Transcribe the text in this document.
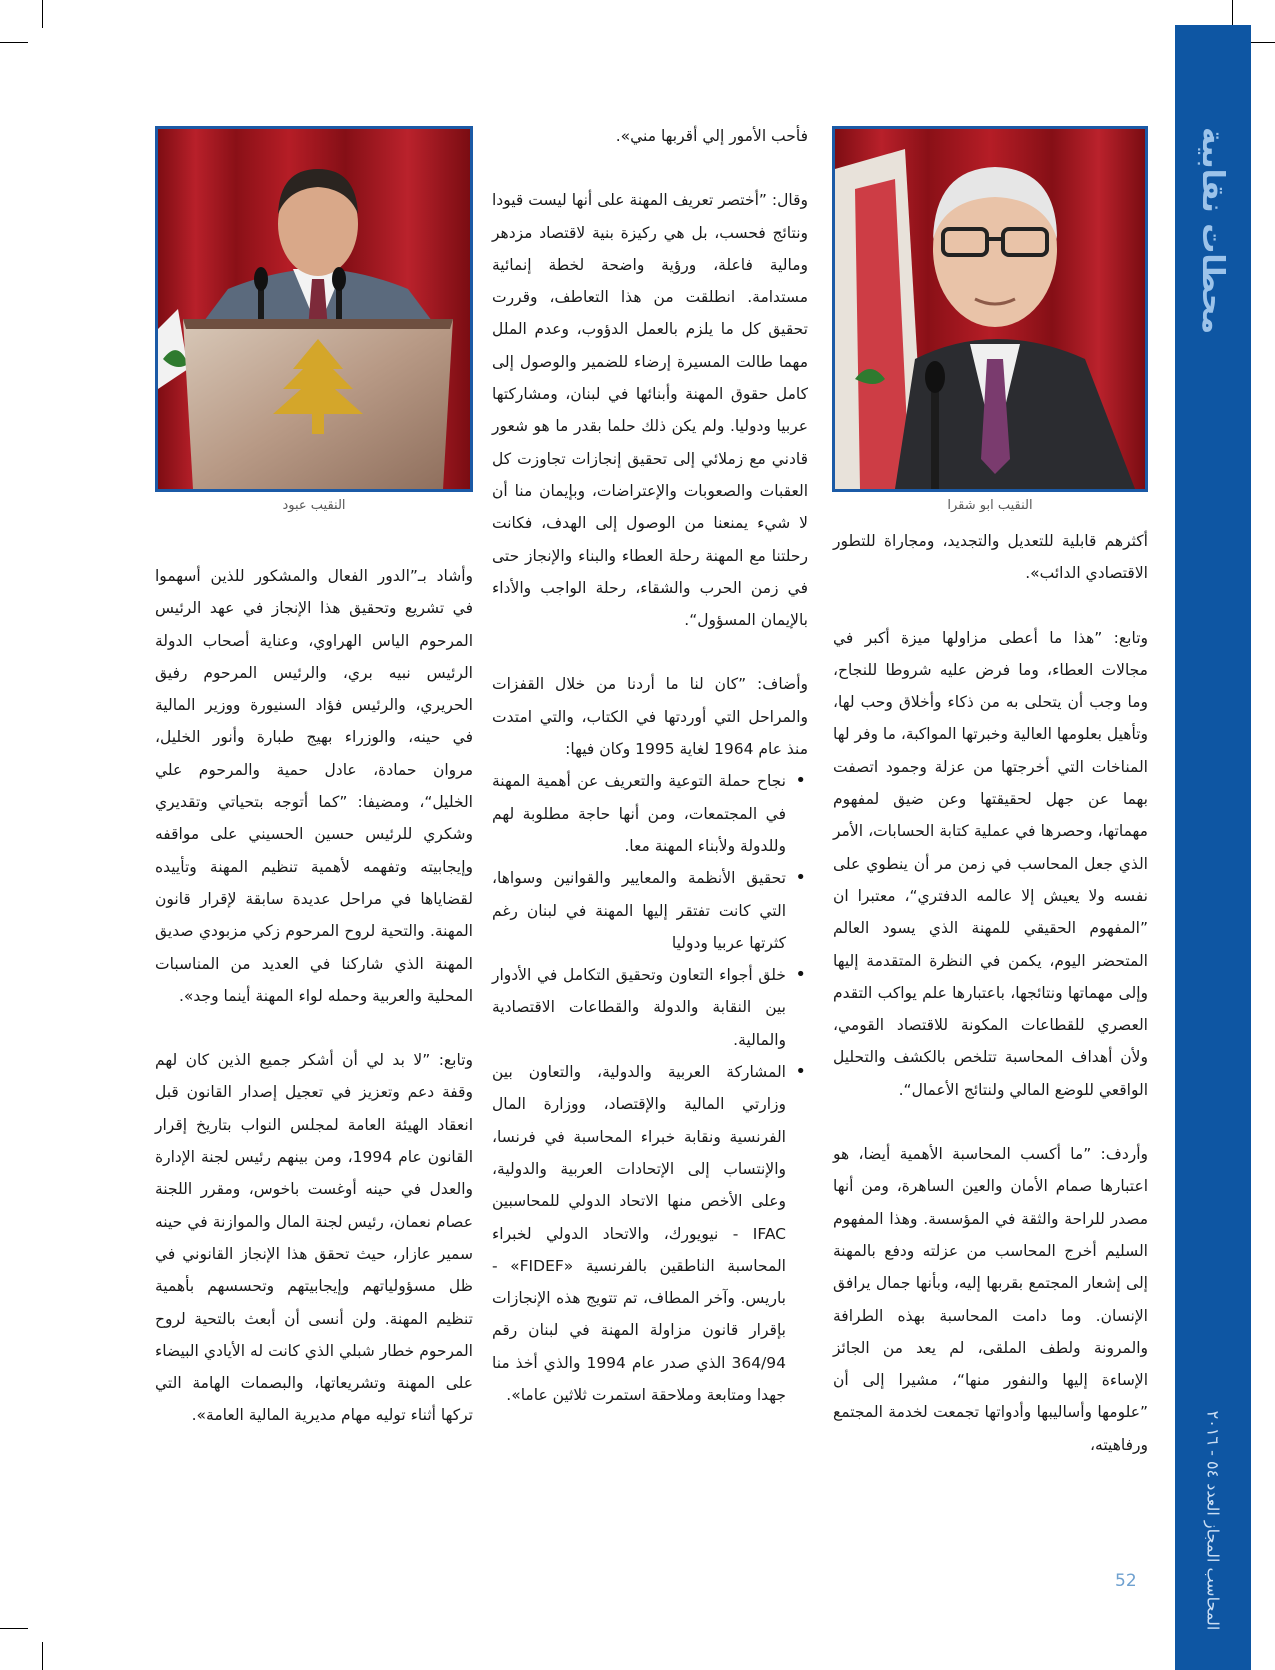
محطات نقابية
المحاسب المجاز العدد ٥٤ - ٢٠١٦
52
النقيب ابو شقرا
النقيب عبود

أكثرهم قابلية للتعديل والتجديد، ومجاراة للتطور الاقتصادي الدائب».

وتابع: ”هذا ما أعطى مزاولها ميزة أكبر في مجالات العطاء، وما فرض عليه شروطا للنجاح، وما وجب أن يتحلى به من ذكاء وأخلاق وحب لها، وتأهيل بعلومها العالية وخبرتها المواكبة، ما وفر لها المناخات التي أخرجتها من عزلة وجمود اتصفت بهما عن جهل لحقيقتها وعن ضيق لمفهوم مهماتها، وحصرها في عملية كتابة الحسابات، الأمر الذي جعل المحاسب في زمن مر أن ينطوي على نفسه ولا يعيش إلا عالمه الدفتري“، معتبرا ان ”المفهوم الحقيقي للمهنة الذي يسود العالم المتحضر اليوم، يكمن في النظرة المتقدمة إليها وإلى مهماتها ونتائجها، باعتبارها علم يواكب التقدم العصري للقطاعات المكونة للاقتصاد القومي، ولأن أهداف المحاسبة تتلخص بالكشف والتحليل الواقعي للوضع المالي ولنتائج الأعمال“.

وأردف: ”ما أكسب المحاسبة الأهمية أيضا، هو اعتبارها صمام الأمان والعين الساهرة، ومن أنها مصدر للراحة والثقة في المؤسسة. وهذا المفهوم السليم أخرج المحاسب من عزلته ودفع بالمهنة إلى إشعار المجتمع بقربها إليه، وبأنها جمال يرافق الإنسان. وما دامت المحاسبة بهذه الطرافة والمرونة ولطف الملقى، لم يعد من الجائز الإساءة إليها والنفور منها“، مشيرا إلى أن ”علومها وأساليبها وأدواتها تجمعت لخدمة المجتمع ورفاهيته،

فأحب الأمور إلي أقربها مني».

وقال: ”أختصر تعريف المهنة على أنها ليست قيودا ونتائج فحسب، بل هي ركيزة بنية لاقتصاد مزدهر ومالية فاعلة، ورؤية واضحة لخطة إنمائية مستدامة. انطلقت من هذا التعاطف، وقررت تحقيق كل ما يلزم بالعمل الدؤوب، وعدم الملل مهما طالت المسيرة إرضاء للضمير والوصول إلى كامل حقوق المهنة وأبنائها في لبنان، ومشاركتها عربيا ودوليا. ولم يكن ذلك حلما بقدر ما هو شعور قادني مع زملائي إلى تحقيق إنجازات تجاوزت كل العقبات والصعوبات والإعتراضات، وبإيمان منا أن لا شيء يمنعنا من الوصول إلى الهدف، فكانت رحلتنا مع المهنة رحلة العطاء والبناء والإنجاز حتى في زمن الحرب والشقاء، رحلة الواجب والأداء بالإيمان المسؤول“.

وأضاف: ”كان لنا ما أردنا من خلال القفزات والمراحل التي أوردتها في الكتاب، والتي امتدت منذ عام 1964 لغاية 1995 وكان فيها:

• نجاح حملة التوعية والتعريف عن أهمية المهنة في المجتمعات، ومن أنها حاجة مطلوبة لهم وللدولة ولأبناء المهنة معا.
• تحقيق الأنظمة والمعايير والقوانين وسواها، التي كانت تفتقر إليها المهنة في لبنان رغم كثرتها عربيا ودوليا
• خلق أجواء التعاون وتحقيق التكامل في الأدوار بين النقابة والدولة والقطاعات الاقتصادية والمالية.
• المشاركة العربية والدولية، والتعاون بين وزارتي المالية والإقتصاد، ووزارة المال الفرنسية ونقابة خبراء المحاسبة في فرنسا، والإنتساب إلى الإتحادات العربية والدولية، وعلى الأخص منها الاتحاد الدولي للمحاسبين IFAC - نيويورك، والاتحاد الدولي لخبراء المحاسبة الناطقين بالفرنسية «FIDEF» - باريس. وآخر المطاف، تم تتويج هذه الإنجازات بإقرار قانون مزاولة المهنة في لبنان رقم 364/94 الذي صدر عام 1994 والذي أخذ منا جهدا ومتابعة وملاحقة استمرت ثلاثين عاما».

وأشاد بـ”الدور الفعال والمشكور للذين أسهموا في تشريع وتحقيق هذا الإنجاز في عهد الرئيس المرحوم الياس الهراوي، وعناية أصحاب الدولة الرئيس نبيه بري، والرئيس المرحوم رفيق الحريري، والرئيس فؤاد السنيورة ووزير المالية في حينه، والوزراء بهيج طبارة وأنور الخليل، مروان حمادة، عادل حمية والمرحوم علي الخليل“، ومضيفا: ”كما أتوجه بتحياتي وتقديري وشكري للرئيس حسين الحسيني على مواقفه وإيجابيته وتفهمه لأهمية تنظيم المهنة وتأييده لقضاياها في مراحل عديدة سابقة لإقرار قانون المهنة. والتحية لروح المرحوم زكي مزبودي صديق المهنة الذي شاركنا في العديد من المناسبات المحلية والعربية وحمله لواء المهنة أينما وجد».

وتابع: ”لا بد لي أن أشكر جميع الذين كان لهم وقفة دعم وتعزيز في تعجيل إصدار القانون قبل انعقاد الهيئة العامة لمجلس النواب بتاريخ إقرار القانون عام 1994، ومن بينهم رئيس لجنة الإدارة والعدل في حينه أوغست باخوس، ومقرر اللجنة عصام نعمان، رئيس لجنة المال والموازنة في حينه سمير عازار، حيث تحقق هذا الإنجاز القانوني في ظل مسؤولياتهم وإيجابيتهم وتحسسهم بأهمية تنظيم المهنة. ولن أنسى أن أبعث بالتحية لروح المرحوم خطار شبلي الذي كانت له الأيادي البيضاء على المهنة وتشريعاتها، والبصمات الهامة التي تركها أثناء توليه مهام مديرية المالية العامة».
